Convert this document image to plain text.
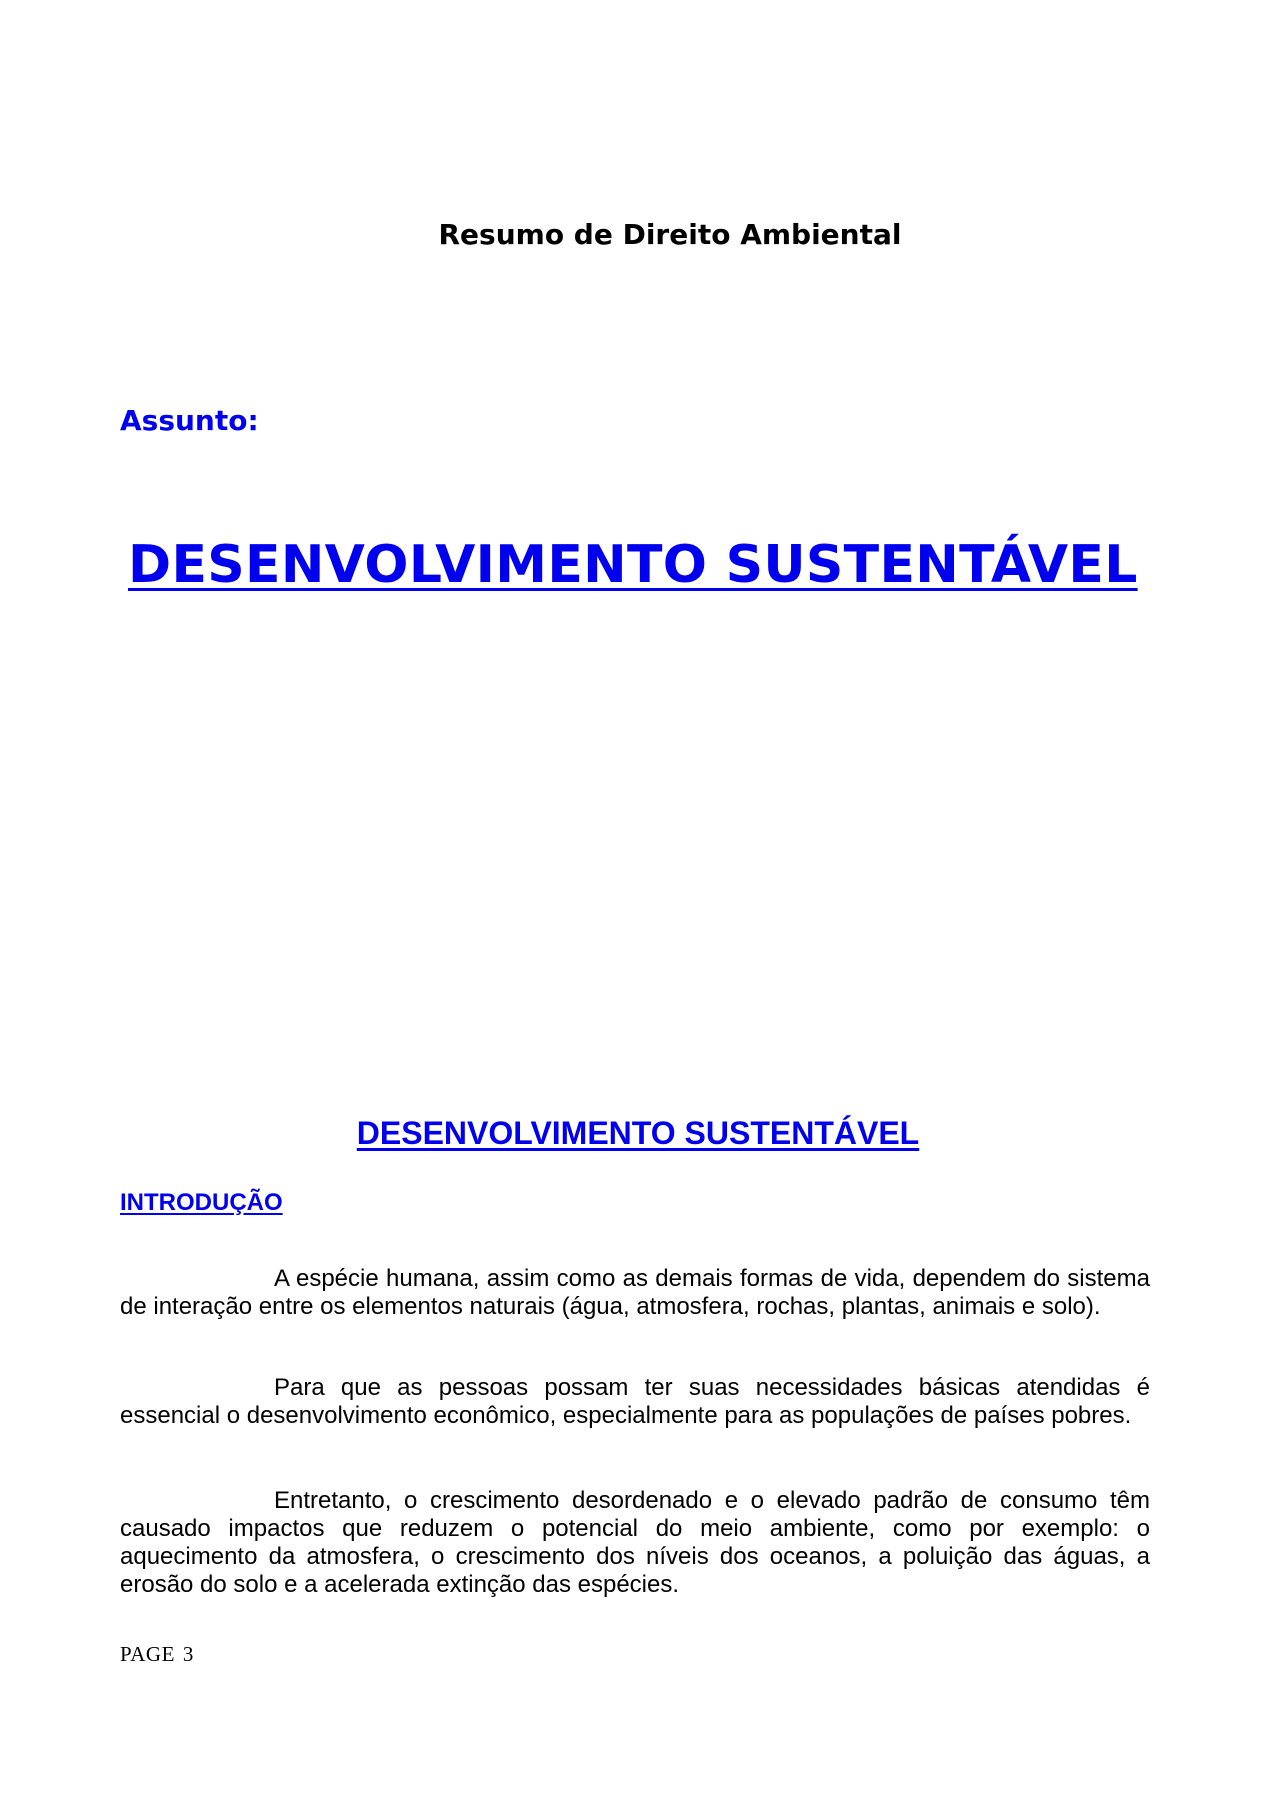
Resumo de Direito Ambiental
Assunto:
DESENVOLVIMENTO SUSTENTÁVEL
DESENVOLVIMENTO SUSTENTÁVEL
INTRODUÇÃO

A espécie humana, assim como as demais formas de vida, dependem do sistema de interação entre os elementos naturais (água, atmosfera, rochas, plantas, animais e solo).

Para que as pessoas possam ter suas necessidades básicas atendidas é essencial o desenvolvimento econômico, especialmente para as populações de países pobres.

Entretanto, o crescimento desordenado e o elevado padrão de consumo têm causado impactos que reduzem o potencial do meio ambiente, como por exemplo: o aquecimento da atmosfera, o crescimento dos níveis dos oceanos, a poluição das águas, a erosão do solo e a acelerada extinção das espécies.

PAGE 3
